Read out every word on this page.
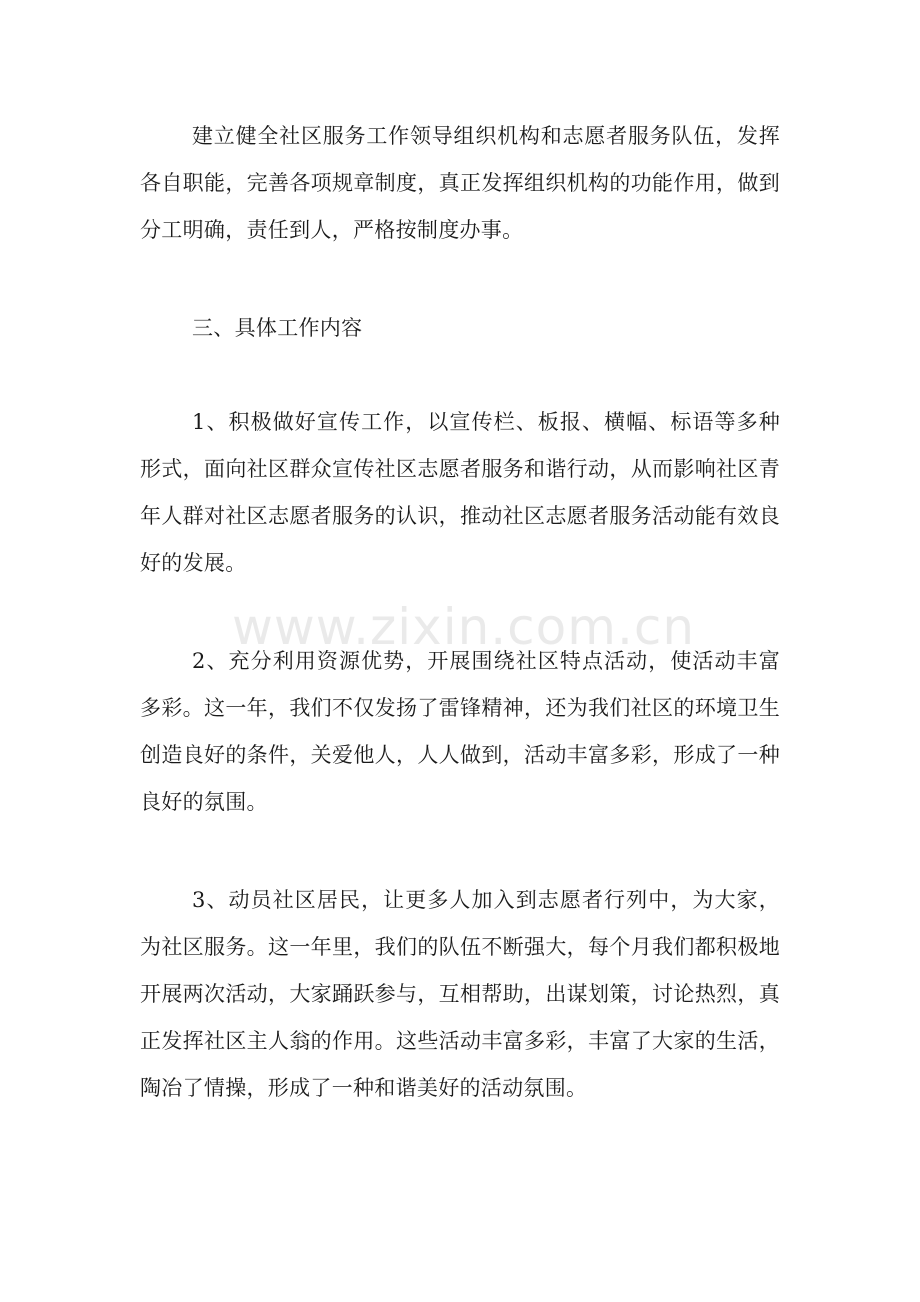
建立健全社区服务工作领导组织机构和志愿者服务队伍，发挥各自职能，完善各项规章制度，真正发挥组织机构的功能作用，做到分工明确，责任到人，严格按制度办事。

三、具体工作内容

1、积极做好宣传工作，以宣传栏、板报、横幅、标语等多种形式，面向社区群众宣传社区志愿者服务和谐行动，从而影响社区青年人群对社区志愿者服务的认识，推动社区志愿者服务活动能有效良好的发展。

2、充分利用资源优势，开展围绕社区特点活动，使活动丰富多彩。这一年，我们不仅发扬了雷锋精神，还为我们社区的环境卫生创造良好的条件，关爱他人，人人做到，活动丰富多彩，形成了一种良好的氛围。

3、动员社区居民，让更多人加入到志愿者行列中，为大家，为社区服务。这一年里，我们的队伍不断强大，每个月我们都积极地开展两次活动，大家踊跃参与，互相帮助，出谋划策，讨论热烈，真正发挥社区主人翁的作用。这些活动丰富多彩，丰富了大家的生活，陶冶了情操，形成了一种和谐美好的活动氛围。

www.zixin.com.cn
